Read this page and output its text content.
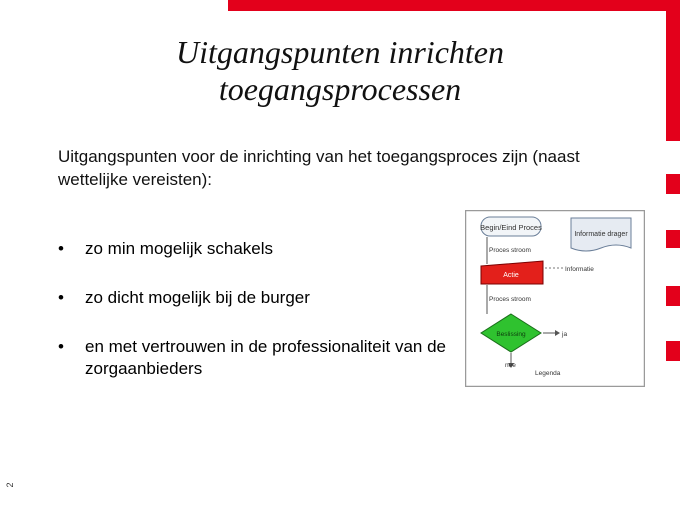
Uitgangspunten inrichten
toegangsprocessen
Uitgangspunten voor de inrichting van het toegangsproces zijn (naast wettelijke vereisten):
• zo min mogelijk schakels
• zo dicht mogelijk bij de burger
• en met vertrouwen in de professionaliteit van de zorgaanbieders
Begin/Eind Proces
Informatie drager
Proces stroom
Actie
Informatie
Proces stroom
Beslissing	ja
nee
Legenda
2
